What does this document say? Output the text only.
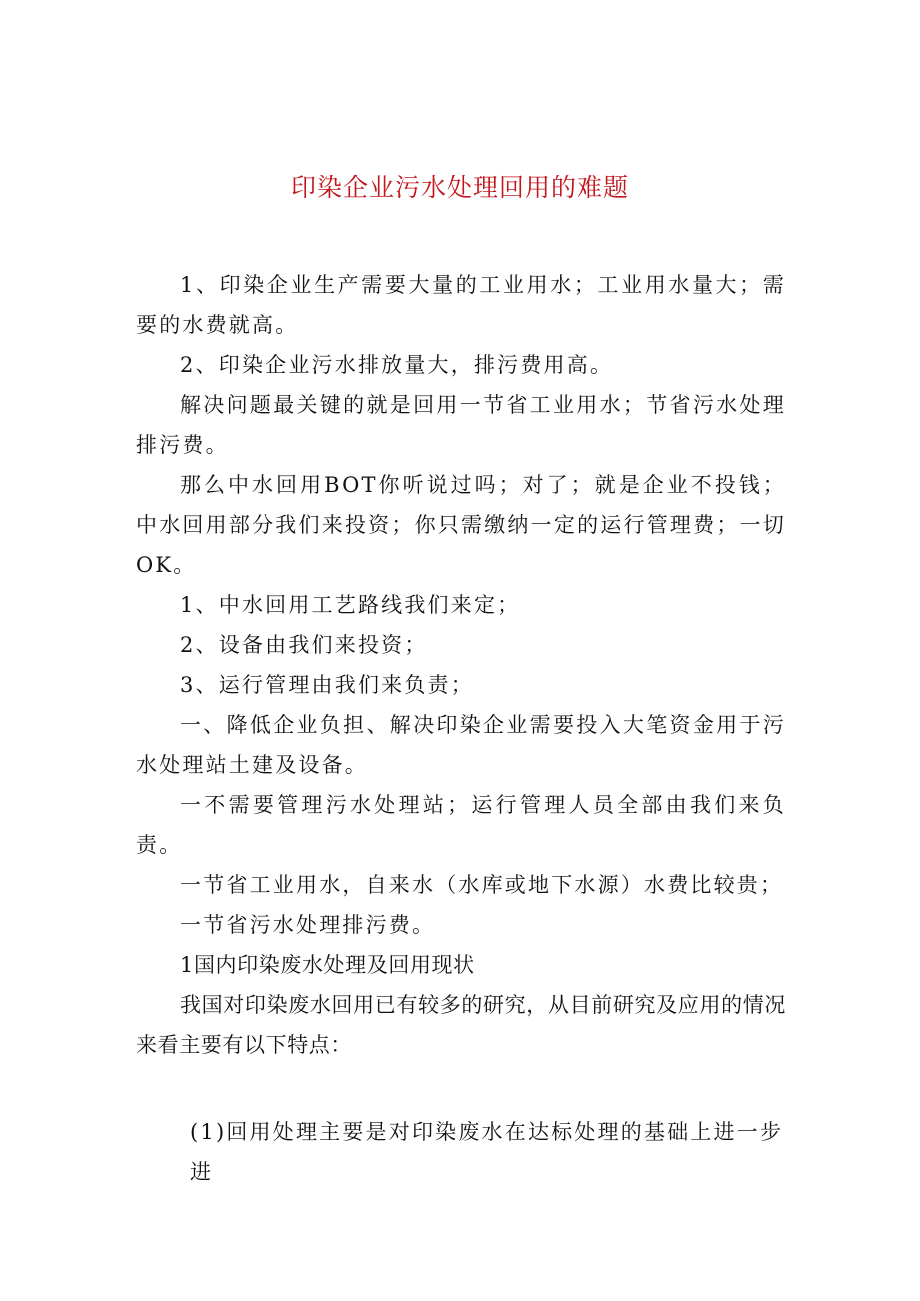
印染企业污水处理回用的难题

1、印染企业生产需要大量的工业用水；工业用水量大；需要的水费就高。

2、印染企业污水排放量大，排污费用高。

解决问题最关键的就是回用一节省工业用水；节省污水处理排污费。

那么中水回用BOT你听说过吗；对了；就是企业不投钱；中水回用部分我们来投资；你只需缴纳一定的运行管理费；一切OK。

1、中水回用工艺路线我们来定；

2、设备由我们来投资；

3、运行管理由我们来负责；

一、降低企业负担、解决印染企业需要投入大笔资金用于污水处理站土建及设备。

一不需要管理污水处理站；运行管理人员全部由我们来负责。

一节省工业用水，自来水（水库或地下水源）水费比较贵；

一节省污水处理排污费。

1国内印染废水处理及回用现状

我国对印染废水回用已有较多的研究，从目前研究及应用的情况来看主要有以下特点：

(1)回用处理主要是对印染废水在达标处理的基础上进一步进
